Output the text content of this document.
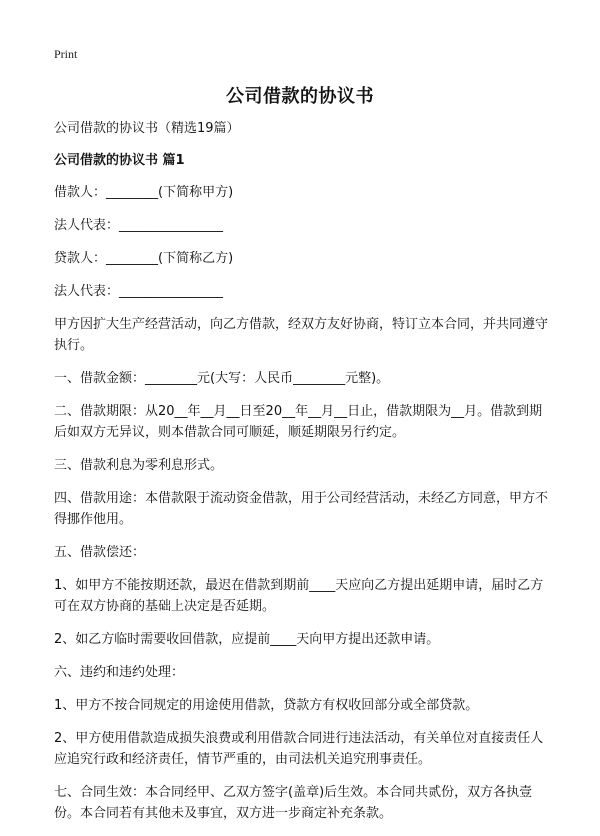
Print
公司借款的协议书

公司借款的协议书（精选19篇）

公司借款的协议书 篇1

借款人：________(下简称甲方)

法人代表：________________

贷款人：________(下简称乙方)

法人代表：________________

甲方因扩大生产经营活动，向乙方借款，经双方友好协商，特订立本合同，并共同遵守执行。

一、借款金额：________元(大写：人民币________元整)。

二、借款期限：从20__年__月__日至20__年__月__日止，借款期限为__月。借款到期后如双方无异议，则本借款合同可顺延，顺延期限另行约定。

三、借款利息为零利息形式。

四、借款用途：本借款限于流动资金借款，用于公司经营活动，未经乙方同意，甲方不得挪作他用。

五、借款偿还：

1、如甲方不能按期还款，最迟在借款到期前____天应向乙方提出延期申请，届时乙方可在双方协商的基础上决定是否延期。

2、如乙方临时需要收回借款，应提前____天向甲方提出还款申请。

六、违约和违约处理：

1、甲方不按合同规定的用途使用借款，贷款方有权收回部分或全部贷款。

2、甲方使用借款造成损失浪费或利用借款合同进行违法活动，有关单位对直接责任人应追究行政和经济责任，情节严重的，由司法机关追究刑事责任。

七、合同生效：本合同经甲、乙双方签字(盖章)后生效。本合同共贰份，双方各执壹份。本合同若有其他未及事宜，双方进一步商定补充条款。
